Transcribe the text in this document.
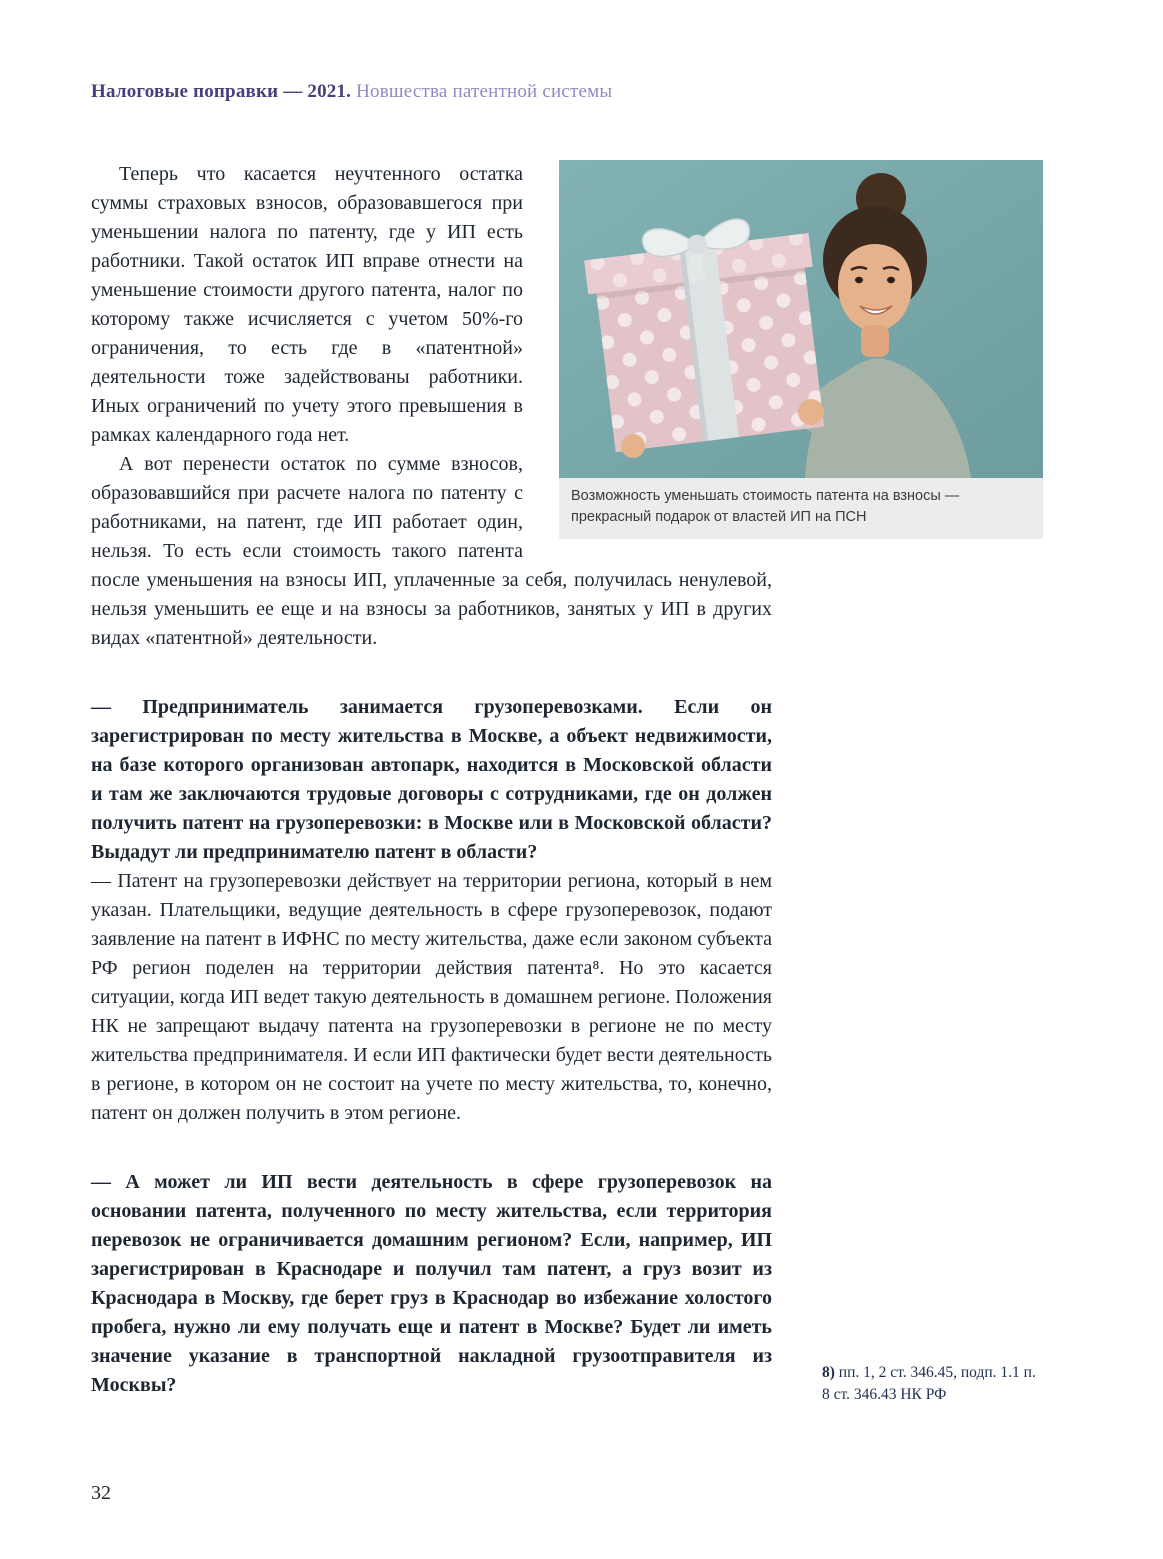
Налоговые поправки — 2021. Новшества патентной системы
Возможность уменьшать стоимость патента на взносы — прекрасный подарок от властей ИП на ПСН

Теперь что касается неучтенного остатка суммы страховых взносов, образовавшегося при уменьшении налога по патенту, где у ИП есть работники. Такой остаток ИП вправе отнести на уменьшение стоимости другого патента, налог по которому также исчисляется с учетом 50%-го ограничения, то есть где в «патентной» деятельности тоже задействованы работники. Иных ограничений по учету этого превышения в рамках календарного года нет.

А вот перенести остаток по сумме взносов, образовавшийся при расчете налога по патенту с работниками, на патент, где ИП работает один, нельзя. То есть если стоимость такого патента после уменьшения на взносы ИП, уплаченные за себя, получилась ненулевой, нельзя уменьшить ее еще и на взносы за работников, занятых у ИП в других видах «патентной» деятельности.

— Предприниматель занимается грузоперевозками. Если он зарегистрирован по месту жительства в Москве, а объект недвижимости, на базе которого организован автопарк, находится в Московской области и там же заключаются трудовые договоры с сотрудниками, где он должен получить патент на грузоперевозки: в Москве или в Московской области? Выдадут ли предпринимателю патент в области?

— Патент на грузоперевозки действует на территории региона, который в нем указан. Плательщики, ведущие деятельность в сфере грузоперевозок, подают заявление на патент в ИФНС по месту жительства, даже если законом субъекта РФ регион поделен на территории действия патента⁸. Но это касается ситуации, когда ИП ведет такую деятельность в домашнем регионе. Положения НК не запрещают выдачу патента на грузоперевозки в регионе не по месту жительства предпринимателя. И если ИП фактически будет вести деятельность в регионе, в котором он не состоит на учете по месту жительства, то, конечно, патент он должен получить в этом регионе.

— А может ли ИП вести деятельность в сфере грузоперевозок на основании патента, полученного по месту жительства, если территория перевозок не ограничивается домашним регионом? Если, например, ИП зарегистрирован в Краснодаре и получил там патент, а груз возит из Краснодара в Москву, где берет груз в Краснодар во избежание холостого пробега, нужно ли ему получать еще и патент в Москве? Будет ли иметь значение указание в транспортной накладной грузоотправителя из Москвы?

8) пп. 1, 2 ст. 346.45, подп. 1.1 п. 8 ст. 346.43 НК РФ
32
